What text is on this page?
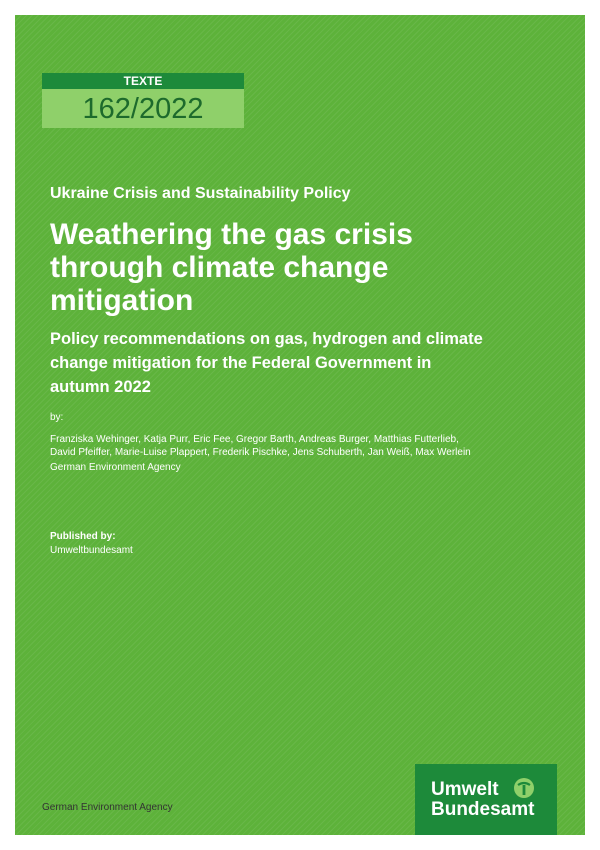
TEXTE
162/2022
Ukraine Crisis and Sustainability Policy
Weathering the gas crisis
through climate change
mitigation
Policy recommendations on gas, hydrogen and climate
change mitigation for the Federal Government in
autumn 2022
by:
Franziska Wehinger, Katja Purr, Eric Fee, Gregor Barth, Andreas Burger, Matthias Futterlieb,
David Pfeiffer, Marie-Luise Plappert, Frederik Pischke, Jens Schuberth, Jan Weiß, Max Werlein
German Environment Agency
Published by:
Umweltbundesamt
German Environment Agency
Umwelt
Bundesamt
